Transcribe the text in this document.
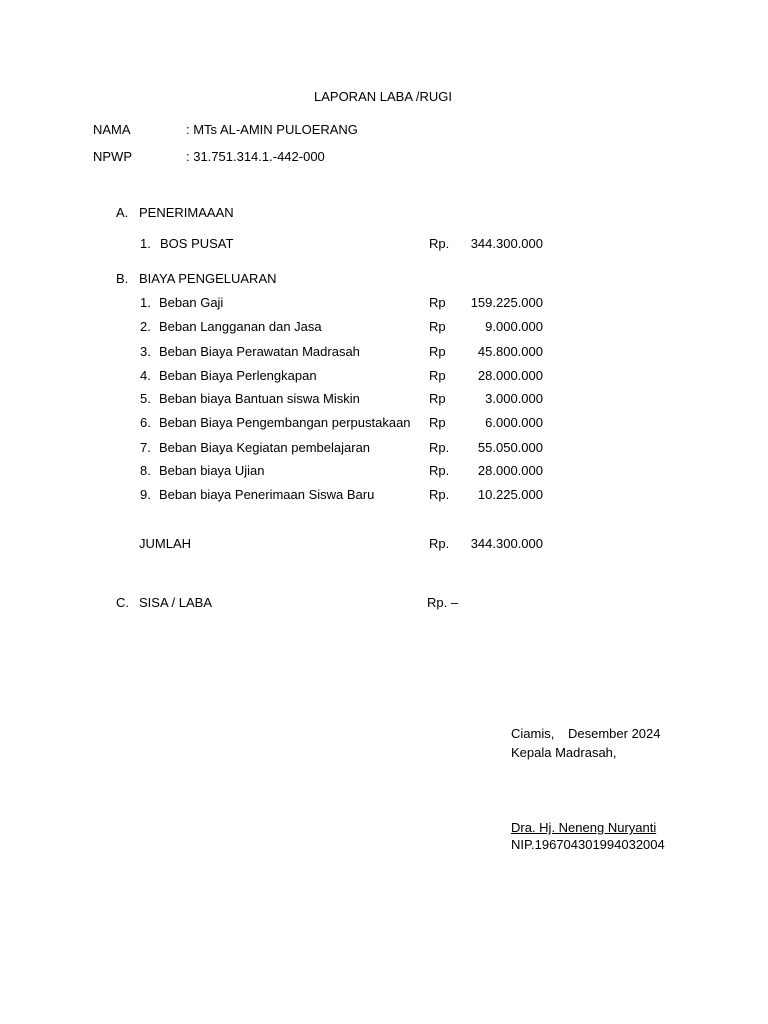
LAPORAN LABA /RUGI
NAMA	: MTs AL-AMIN PULOERANG
NPWP	: 31.751.314.1.-442-000
A. PENERIMAAAN
1. BOS PUSAT	Rp. 344.300.000
B. BIAYA PENGELUARAN
1. Beban Gaji	Rp 159.225.000
2. Beban Langganan dan Jasa	Rp	9.000.000
3. Beban Biaya Perawatan Madrasah	Rp 45.800.000
4. Beban Biaya Perlengkapan	Rp 28.000.000
5. Beban biaya Bantuan siswa Miskin	Rp	3.000.000
6. Beban Biaya Pengembangan perpustakaan Rp	6.000.000
7. Beban Biaya Kegiatan pembelajaran	Rp. 55.050.000
8. Beban biaya Ujian	Rp. 28.000.000
9. Beban biaya Penerimaan Siswa Baru	Rp. 10.225.000
JUMLAH	Rp. 344.300.000
C. SISA / LABA	Rp. –
Ciamis, Desember 2024
Kepala Madrasah,
Dra. Hj. Neneng Nuryanti
NIP.196704301994032004
